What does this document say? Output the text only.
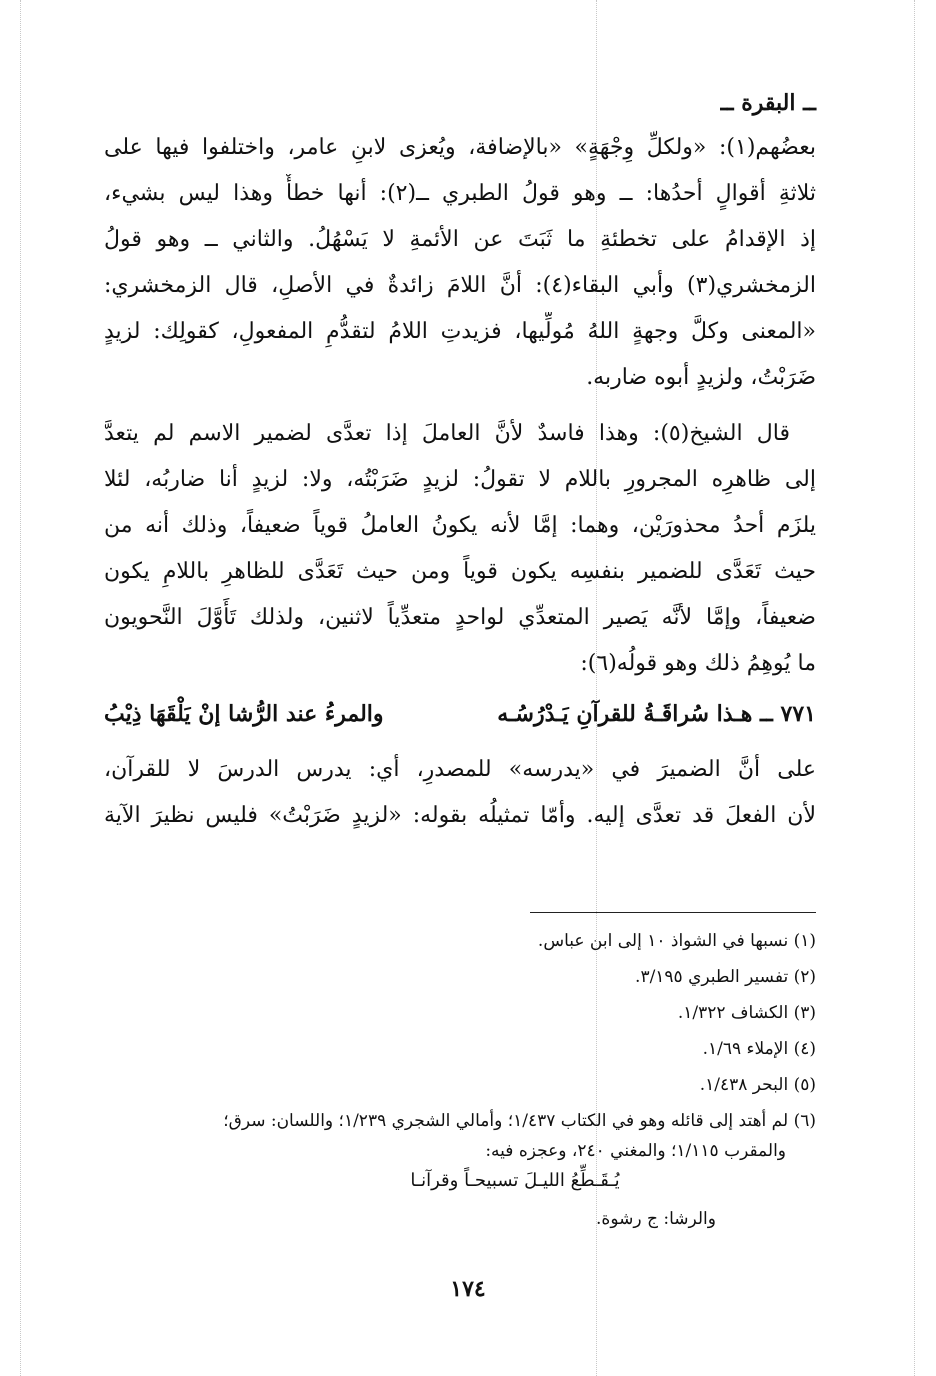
ــ البقرة ــ
بعضُهم(١): «ولكلِّ وِجْهَةٍ» «بالإضافة، ويُعزى لابنِ عامر، واختلفوا فيها على
ثلاثةِ أقوالٍ أحدُها: ــ وهو قولُ الطبري ــ(٢): أنها خطأٌ وهذا ليس بشيء،
إذ الإقدامُ على تخطئةِ ما ثَبَتَ عن الأئمةِ لا يَسْهُلُ. والثاني ــ وهو قولُ
الزمخشري(٣) وأبي البقاء(٤): أنَّ اللامَ زائدةٌ في الأصلِ، قال الزمخشري:
«المعنى وكلَّ وجهةٍ اللهُ مُولِّيها، فزيدتِ اللامُ لتقدُّمِ المفعولِ، كقولِك: لزيدٍ
ضَرَبْتُ، ولزيدٍ أبوه ضاربه.
قال الشيخ(٥): وهذا فاسدٌ لأنَّ العاملَ إذا تعدَّى لضمير الاسم لم يتعدَّ
إلى ظاهرِه المجرورِ باللام لا تقولُ: لزيدٍ ضَرَبْتُه، ولا: لزيدٍ أنا ضاربُه، لئلا
يلزَم أحدُ محذورَيْن، وهما: إمَّا لأنه يكونُ العاملُ قوياً ضعيفاً، وذلك أنه من
حيث تَعَدَّى للضمير بنفسِه يكون قوياً ومن حيث تَعَدَّى للظاهرِ باللامِ يكون
ضعيفاً، وإمَّا لأنَّه يَصير المتعدِّي لواحدٍ متعدِّياً لاثنين، ولذلك تَأَوَّلَ النَّحويون
ما يُوهِمُ ذلك وهو قولُه(٦):
٧٧١ ــ هـذا سُراقَـةُ للقرآنِ يَـدْرُسُـه
والمرءُ عند الرُّشا إنْ يَلْقَهَا ذِيْبُ
على أنَّ الضميرَ في «يدرسه» للمصدرِ، أي: يدرس الدرسَ لا للقرآن،
لأن الفعلَ قد تعدَّى إليه. وأمّا تمثيلُه بقوله: «لزيدٍ ضَرَبْتُ» فليس نظيرَ الآية
(١) نسبها في الشواذ ١٠ إلى ابن عباس.
(٢) تفسير الطبري ٣/١٩٥.
(٣) الكشاف ١/٣٢٢.
(٤) الإملاء ١/٦٩.
(٥) البحر ١/٤٣٨.
(٦) لم أهتد إلى قائله وهو في الكتاب ١/٤٣٧؛ وأمالي الشجري ١/٢٣٩؛ واللسان: سرق؛
والمقرب ١/١١٥؛ والمغني ٢٤٠، وعجزه فيه:
يُـقَـطِّعُ الليـلَ تسبيحـاً وقرآنـا
والرشا: ج رشوة.
١٧٤
